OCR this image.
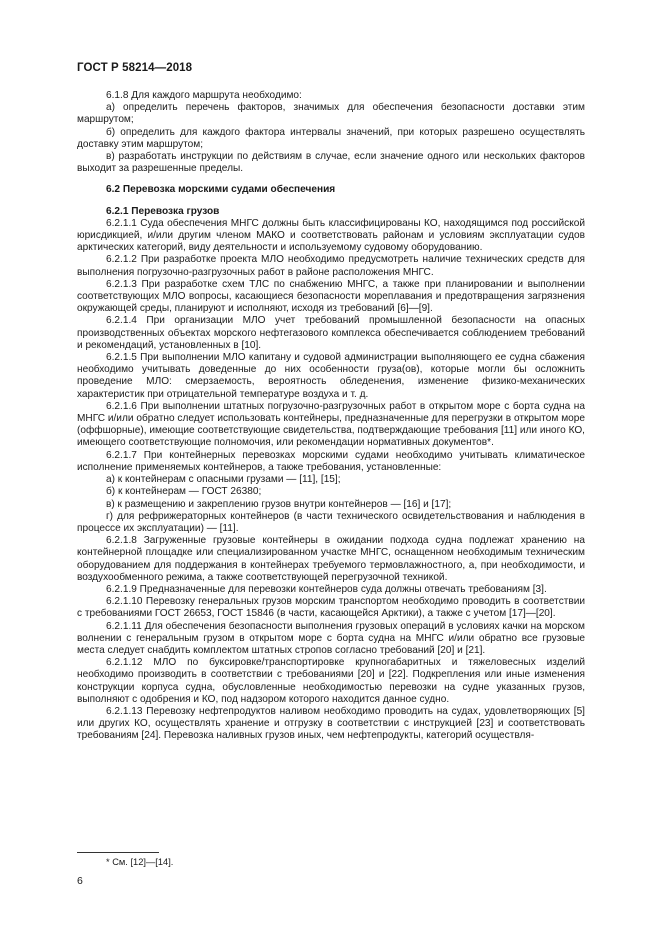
ГОСТ Р 58214—2018

6.1.8 Для каждого маршрута необходимо:

а) определить перечень факторов, значимых для обеспечения безопасности доставки этим маршрутом;

б) определить для каждого фактора интервалы значений, при которых разрешено осуществлять доставку этим маршрутом;

в) разработать инструкции по действиям в случае, если значение одного или нескольких факторов выходит за разрешенные пределы.

6.2 Перевозка морскими судами обеспечения

6.2.1 Перевозка грузов

6.2.1.1 Суда обеспечения МНГС должны быть классифицированы КО, находящимся под российской юрисдикцией, и/или другим членом МАКО и соответствовать районам и условиям эксплуатации судов арктических категорий, виду деятельности и используемому судовому оборудованию.

6.2.1.2 При разработке проекта МЛО необходимо предусмотреть наличие технических средств для выполнения погрузочно-разгрузочных работ в районе расположения МНГС.

6.2.1.3 При разработке схем ТЛС по снабжению МНГС, а также при планировании и выполнении соответствующих МЛО вопросы, касающиеся безопасности мореплавания и предотвращения загрязнения окружающей среды, планируют и исполняют, исходя из требований [6]—[9].

6.2.1.4 При организации МЛО учет требований промышленной безопасности на опасных производственных объектах морского нефтегазового комплекса обеспечивается соблюдением требований и рекомендаций, установленных в [10].

6.2.1.5 При выполнении МЛО капитану и судовой администрации выполняющего ее судна сбажения необходимо учитывать доведенные до них особенности груза(ов), которые могли бы осложнить проведение МЛО: смерзаемость, вероятность обледенения, изменение физико-механических характеристик при отрицательной температуре воздуха и т. д.

6.2.1.6 При выполнении штатных погрузочно-разгрузочных работ в открытом море с борта судна на МНГС и/или обратно следует использовать контейнеры, предназначенные для перегрузки в открытом море (оффшорные), имеющие соответствующие свидетельства, подтверждающие требования [11] или иного КО, имеющего соответствующие полномочия, или рекомендации нормативных документов*.

6.2.1.7 При контейнерных перевозках морскими судами необходимо учитывать климатическое исполнение применяемых контейнеров, а также требования, установленные:

а) к контейнерам с опасными грузами — [11], [15];

б) к контейнерам — ГОСТ 26380;

в) к размещению и закреплению грузов внутри контейнеров — [16] и [17];

г) для рефрижераторных контейнеров (в части технического освидетельствования и наблюдения в процессе их эксплуатации) — [11].

6.2.1.8 Загруженные грузовые контейнеры в ожидании подхода судна подлежат хранению на контейнерной площадке или специализированном участке МНГС, оснащенном необходимым техническим оборудованием для поддержания в контейнерах требуемого термовлажностного, а, при необходимости, и воздухообменного режима, а также соответствующей перегрузочной техникой.

6.2.1.9 Предназначенные для перевозки контейнеров суда должны отвечать требованиям [3].

6.2.1.10 Перевозку генеральных грузов морским транспортом необходимо проводить в соответствии с требованиями ГОСТ 26653, ГОСТ 15846 (в части, касающейся Арктики), а также с учетом [17]—[20].

6.2.1.11 Для обеспечения безопасности выполнения грузовых операций в условиях качки на морском волнении с генеральным грузом в открытом море с борта судна на МНГС и/или обратно все грузовые места следует снабдить комплектом штатных стропов согласно требований [20] и [21].

6.2.1.12 МЛО по буксировке/транспортировке крупногабаритных и тяжеловесных изделий необходимо производить в соответствии с требованиями [20] и [22]. Подкрепления или иные изменения конструкции корпуса судна, обусловленные необходимостью перевозки на судне указанных грузов, выполняют с одобрения и КО, под надзором которого находится данное судно.

6.2.1.13 Перевозку нефтепродуктов наливом необходимо проводить на судах, удовлетворяющих [5] или других КО, осуществлять хранение и отгрузку в соответствии с инструкцией [23] и соответствовать требованиям [24]. Перевозка наливных грузов иных, чем нефтепродукты, категорий осуществля-

* См. [12]—[14].
6
